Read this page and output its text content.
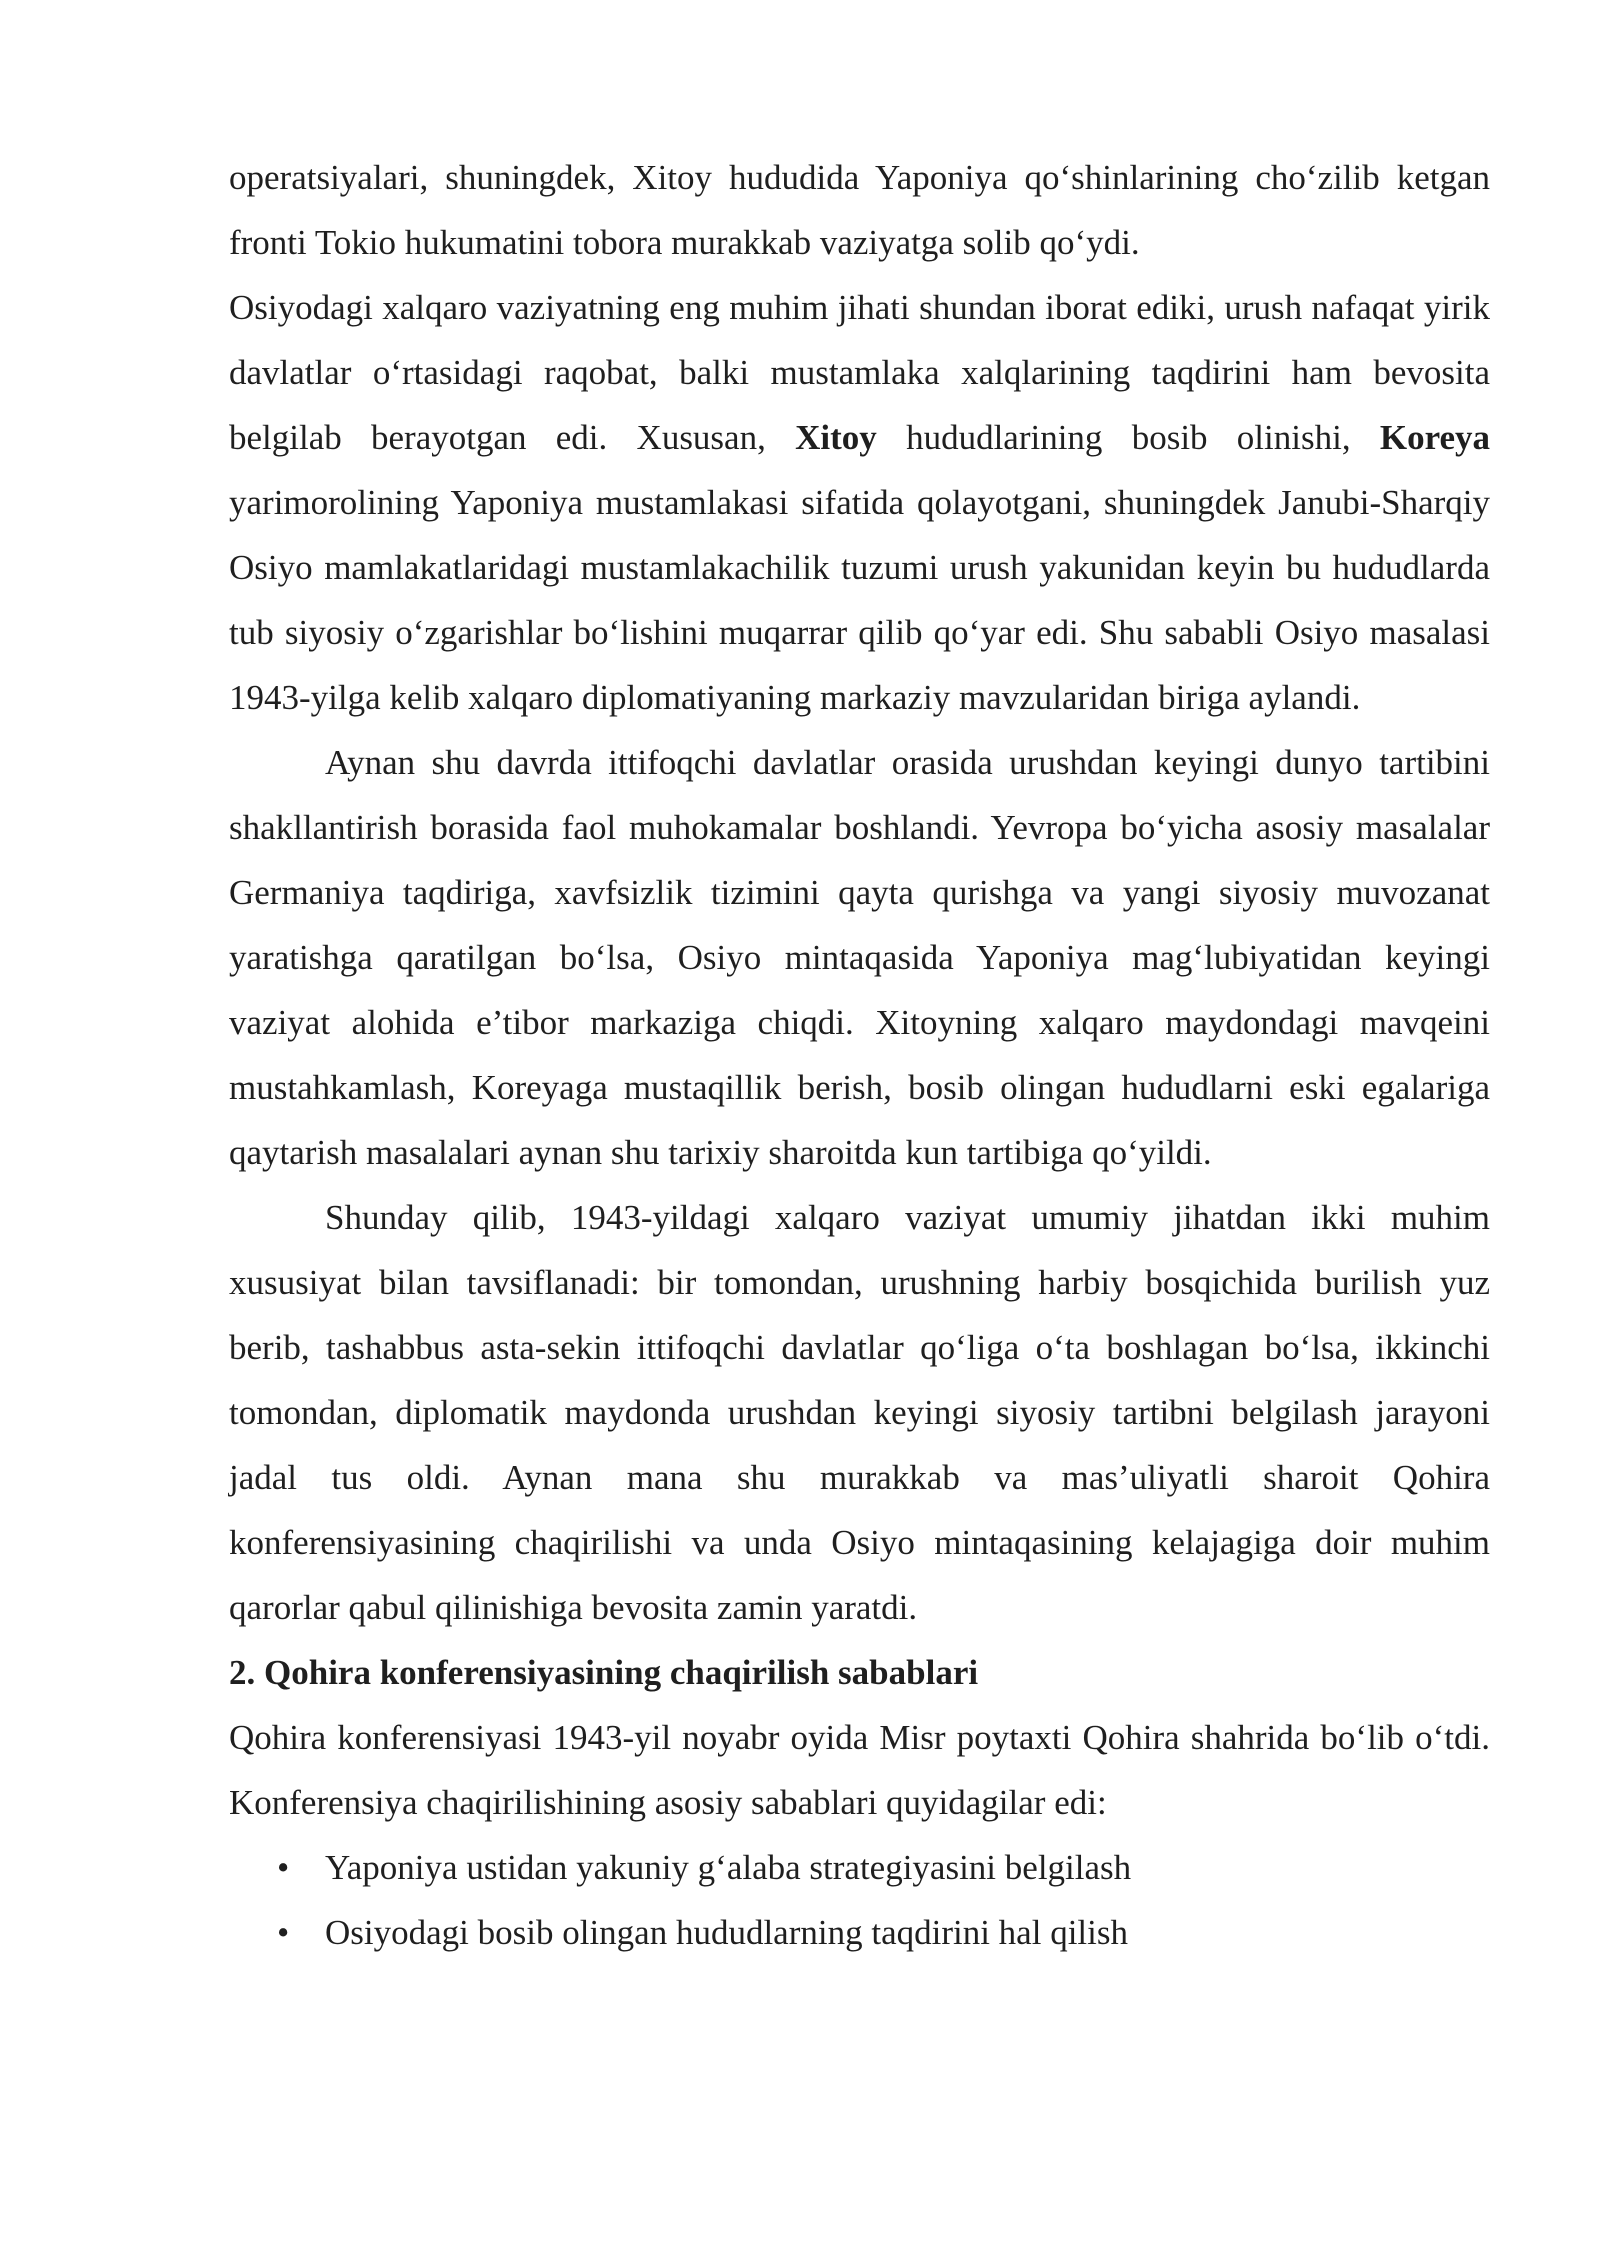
operatsiyalari, shuningdek, Xitoy hududida Yaponiya qo‘shinlarining cho‘zilib ketgan fronti Tokio hukumatini tobora murakkab vaziyatga solib qo‘ydi.

Osiyodagi xalqaro vaziyatning eng muhim jihati shundan iborat ediki, urush nafaqat yirik davlatlar o‘rtasidagi raqobat, balki mustamlaka xalqlarining taqdirini ham bevosita belgilab berayotgan edi. Xususan, Xitoy hududlarining bosib olinishi, Koreya yarimorolining Yaponiya mustamlakasi sifatida qolayotgani, shuningdek Janubi-Sharqiy Osiyo mamlakatlaridagi mustamlakachilik tuzumi urush yakunidan keyin bu hududlarda tub siyosiy o‘zgarishlar bo‘lishini muqarrar qilib qo‘yar edi. Shu sababli Osiyo masalasi 1943-yilga kelib xalqaro diplomatiyaning markaziy mavzularidan biriga aylandi.

Aynan shu davrda ittifoqchi davlatlar orasida urushdan keyingi dunyo tartibini shakllantirish borasida faol muhokamalar boshlandi. Yevropa bo‘yicha asosiy masalalar Germaniya taqdiriga, xavfsizlik tizimini qayta qurishga va yangi siyosiy muvozanat yaratishga qaratilgan bo‘lsa, Osiyo mintaqasida Yaponiya mag‘lubiyatidan keyingi vaziyat alohida e’tibor markaziga chiqdi. Xitoyning xalqaro maydondagi mavqeini mustahkamlash, Koreyaga mustaqillik berish, bosib olingan hududlarni eski egalariga qaytarish masalalari aynan shu tarixiy sharoitda kun tartibiga qo‘yildi.

Shunday qilib, 1943-yildagi xalqaro vaziyat umumiy jihatdan ikki muhim xususiyat bilan tavsiflanadi: bir tomondan, urushning harbiy bosqichida burilish yuz berib, tashabbus asta-sekin ittifoqchi davlatlar qo‘liga o‘ta boshlagan bo‘lsa, ikkinchi tomondan, diplomatik maydonda urushdan keyingi siyosiy tartibni belgilash jarayoni jadal tus oldi. Aynan mana shu murakkab va mas’uliyatli sharoit Qohira konferensiyasining chaqirilishi va unda Osiyo mintaqasining kelajagiga doir muhim qarorlar qabul qilinishiga bevosita zamin yaratdi.

2. Qohira konferensiyasining chaqirilish sabablari

Qohira konferensiyasi 1943-yil noyabr oyida Misr poytaxti Qohira shahrida bo‘lib o‘tdi. Konferensiya chaqirilishining asosiy sabablari quyidagilar edi:

• Yaponiya ustidan yakuniy g‘alaba strategiyasini belgilash
• Osiyodagi bosib olingan hududlarning taqdirini hal qilish
